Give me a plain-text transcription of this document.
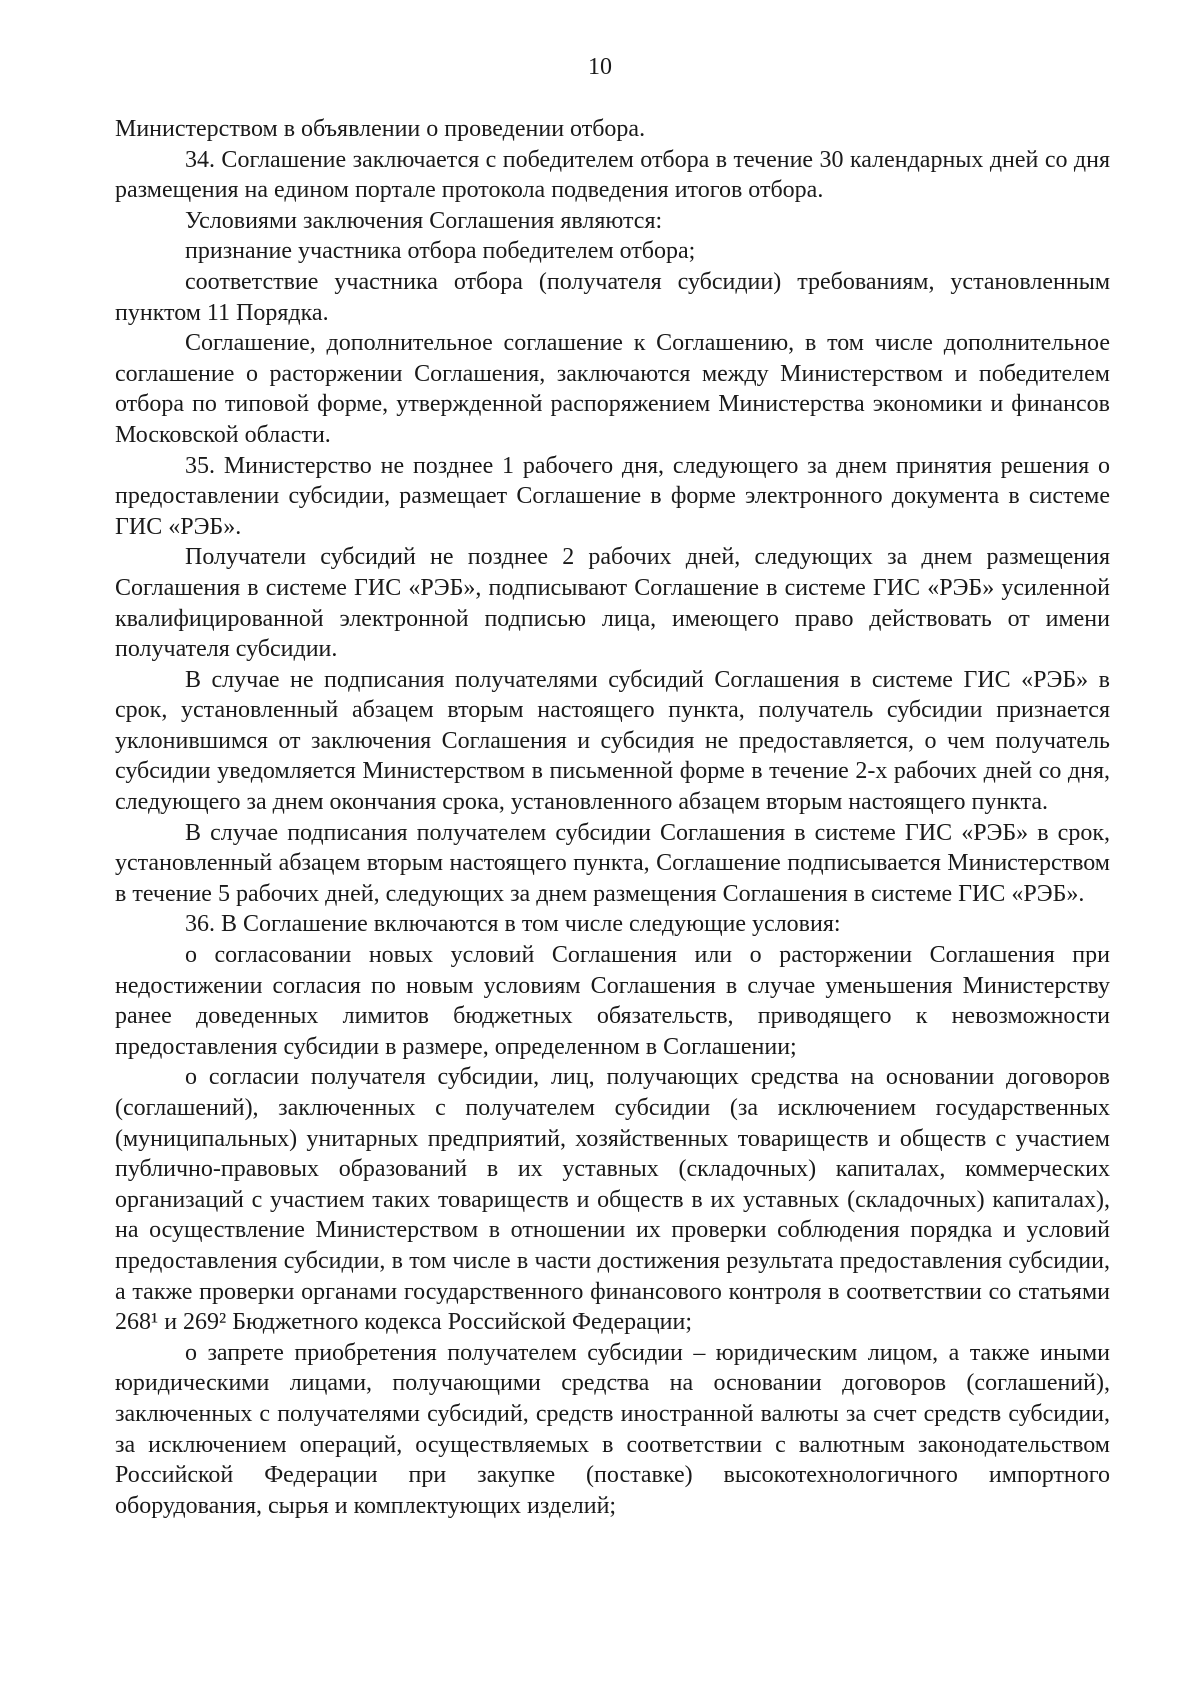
10

Министерством в объявлении о проведении отбора.

34. Соглашение заключается с победителем отбора в течение 30 календарных дней со дня размещения на едином портале протокола подведения итогов отбора.

Условиями заключения Соглашения являются:

признание участника отбора победителем отбора;

соответствие участника отбора (получателя субсидии) требованиям, установленным пунктом 11 Порядка.

Соглашение, дополнительное соглашение к Соглашению, в том числе дополнительное соглашение о расторжении Соглашения, заключаются между Министерством и победителем отбора по типовой форме, утвержденной распоряжением Министерства экономики и финансов Московской области.

35. Министерство не позднее 1 рабочего дня, следующего за днем принятия решения о предоставлении субсидии, размещает Соглашение в форме электронного документа в системе ГИС «РЭБ».

Получатели субсидий не позднее 2 рабочих дней, следующих за днем размещения Соглашения в системе ГИС «РЭБ», подписывают Соглашение в системе ГИС «РЭБ» усиленной квалифицированной электронной подписью лица, имеющего право действовать от имени получателя субсидии.

В случае не подписания получателями субсидий Соглашения в системе ГИС «РЭБ» в срок, установленный абзацем вторым настоящего пункта, получатель субсидии признается уклонившимся от заключения Соглашения и субсидия не предоставляется, о чем получатель субсидии уведомляется Министерством в письменной форме в течение 2-х рабочих дней со дня, следующего за днем окончания срока, установленного абзацем вторым настоящего пункта.

В случае подписания получателем субсидии Соглашения в системе ГИС «РЭБ» в срок, установленный абзацем вторым настоящего пункта, Соглашение подписывается Министерством в течение 5 рабочих дней, следующих за днем размещения Соглашения в системе ГИС «РЭБ».

36. В Соглашение включаются в том числе следующие условия:

о согласовании новых условий Соглашения или о расторжении Соглашения при недостижении согласия по новым условиям Соглашения в случае уменьшения Министерству ранее доведенных лимитов бюджетных обязательств, приводящего к невозможности предоставления субсидии в размере, определенном в Соглашении;

о согласии получателя субсидии, лиц, получающих средства на основании договоров (соглашений), заключенных с получателем субсидии (за исключением государственных (муниципальных) унитарных предприятий, хозяйственных товариществ и обществ с участием публично-правовых образований в их уставных (складочных) капиталах, коммерческих организаций с участием таких товариществ и обществ в их уставных (складочных) капиталах), на осуществление Министерством в отношении их проверки соблюдения порядка и условий предоставления субсидии, в том числе в части достижения результата предоставления субсидии, а также проверки органами государственного финансового контроля в соответствии со статьями 268¹ и 269² Бюджетного кодекса Российской Федерации;

о запрете приобретения получателем субсидии – юридическим лицом, а также иными юридическими лицами, получающими средства на основании договоров (соглашений), заключенных с получателями субсидий, средств иностранной валюты за счет средств субсидии, за исключением операций, осуществляемых в соответствии с валютным законодательством Российской Федерации при закупке (поставке) высокотехнологичного импортного оборудования, сырья и комплектующих изделий;
